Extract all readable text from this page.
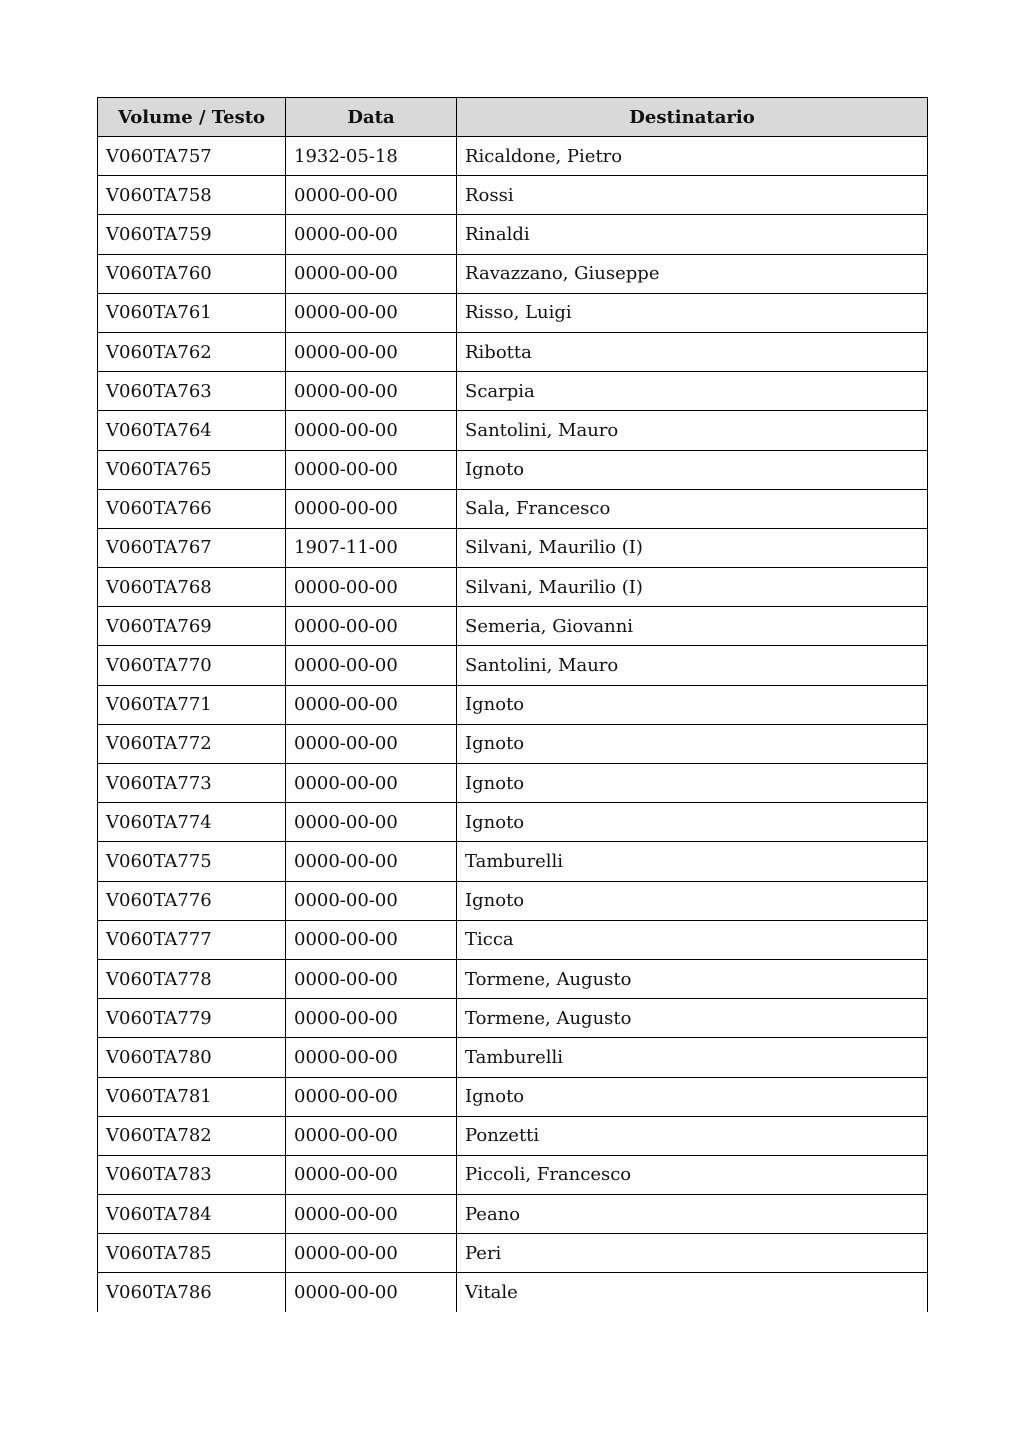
Volume / Testo	Data	Destinatario
V060TA757	1932-05-18	Ricaldone, Pietro
V060TA758	0000-00-00	Rossi
V060TA759	0000-00-00	Rinaldi
V060TA760	0000-00-00	Ravazzano, Giuseppe
V060TA761	0000-00-00	Risso, Luigi
V060TA762	0000-00-00	Ribotta
V060TA763	0000-00-00	Scarpia
V060TA764	0000-00-00	Santolini, Mauro
V060TA765	0000-00-00	Ignoto
V060TA766	0000-00-00	Sala, Francesco
V060TA767	1907-11-00	Silvani, Maurilio (I)
V060TA768	0000-00-00	Silvani, Maurilio (I)
V060TA769	0000-00-00	Semeria, Giovanni
V060TA770	0000-00-00	Santolini, Mauro
V060TA771	0000-00-00	Ignoto
V060TA772	0000-00-00	Ignoto
V060TA773	0000-00-00	Ignoto
V060TA774	0000-00-00	Ignoto
V060TA775	0000-00-00	Tamburelli
V060TA776	0000-00-00	Ignoto
V060TA777	0000-00-00	Ticca
V060TA778	0000-00-00	Tormene, Augusto
V060TA779	0000-00-00	Tormene, Augusto
V060TA780	0000-00-00	Tamburelli
V060TA781	0000-00-00	Ignoto
V060TA782	0000-00-00	Ponzetti
V060TA783	0000-00-00	Piccoli, Francesco
V060TA784	0000-00-00	Peano
V060TA785	0000-00-00	Peri
V060TA786	0000-00-00	Vitale
